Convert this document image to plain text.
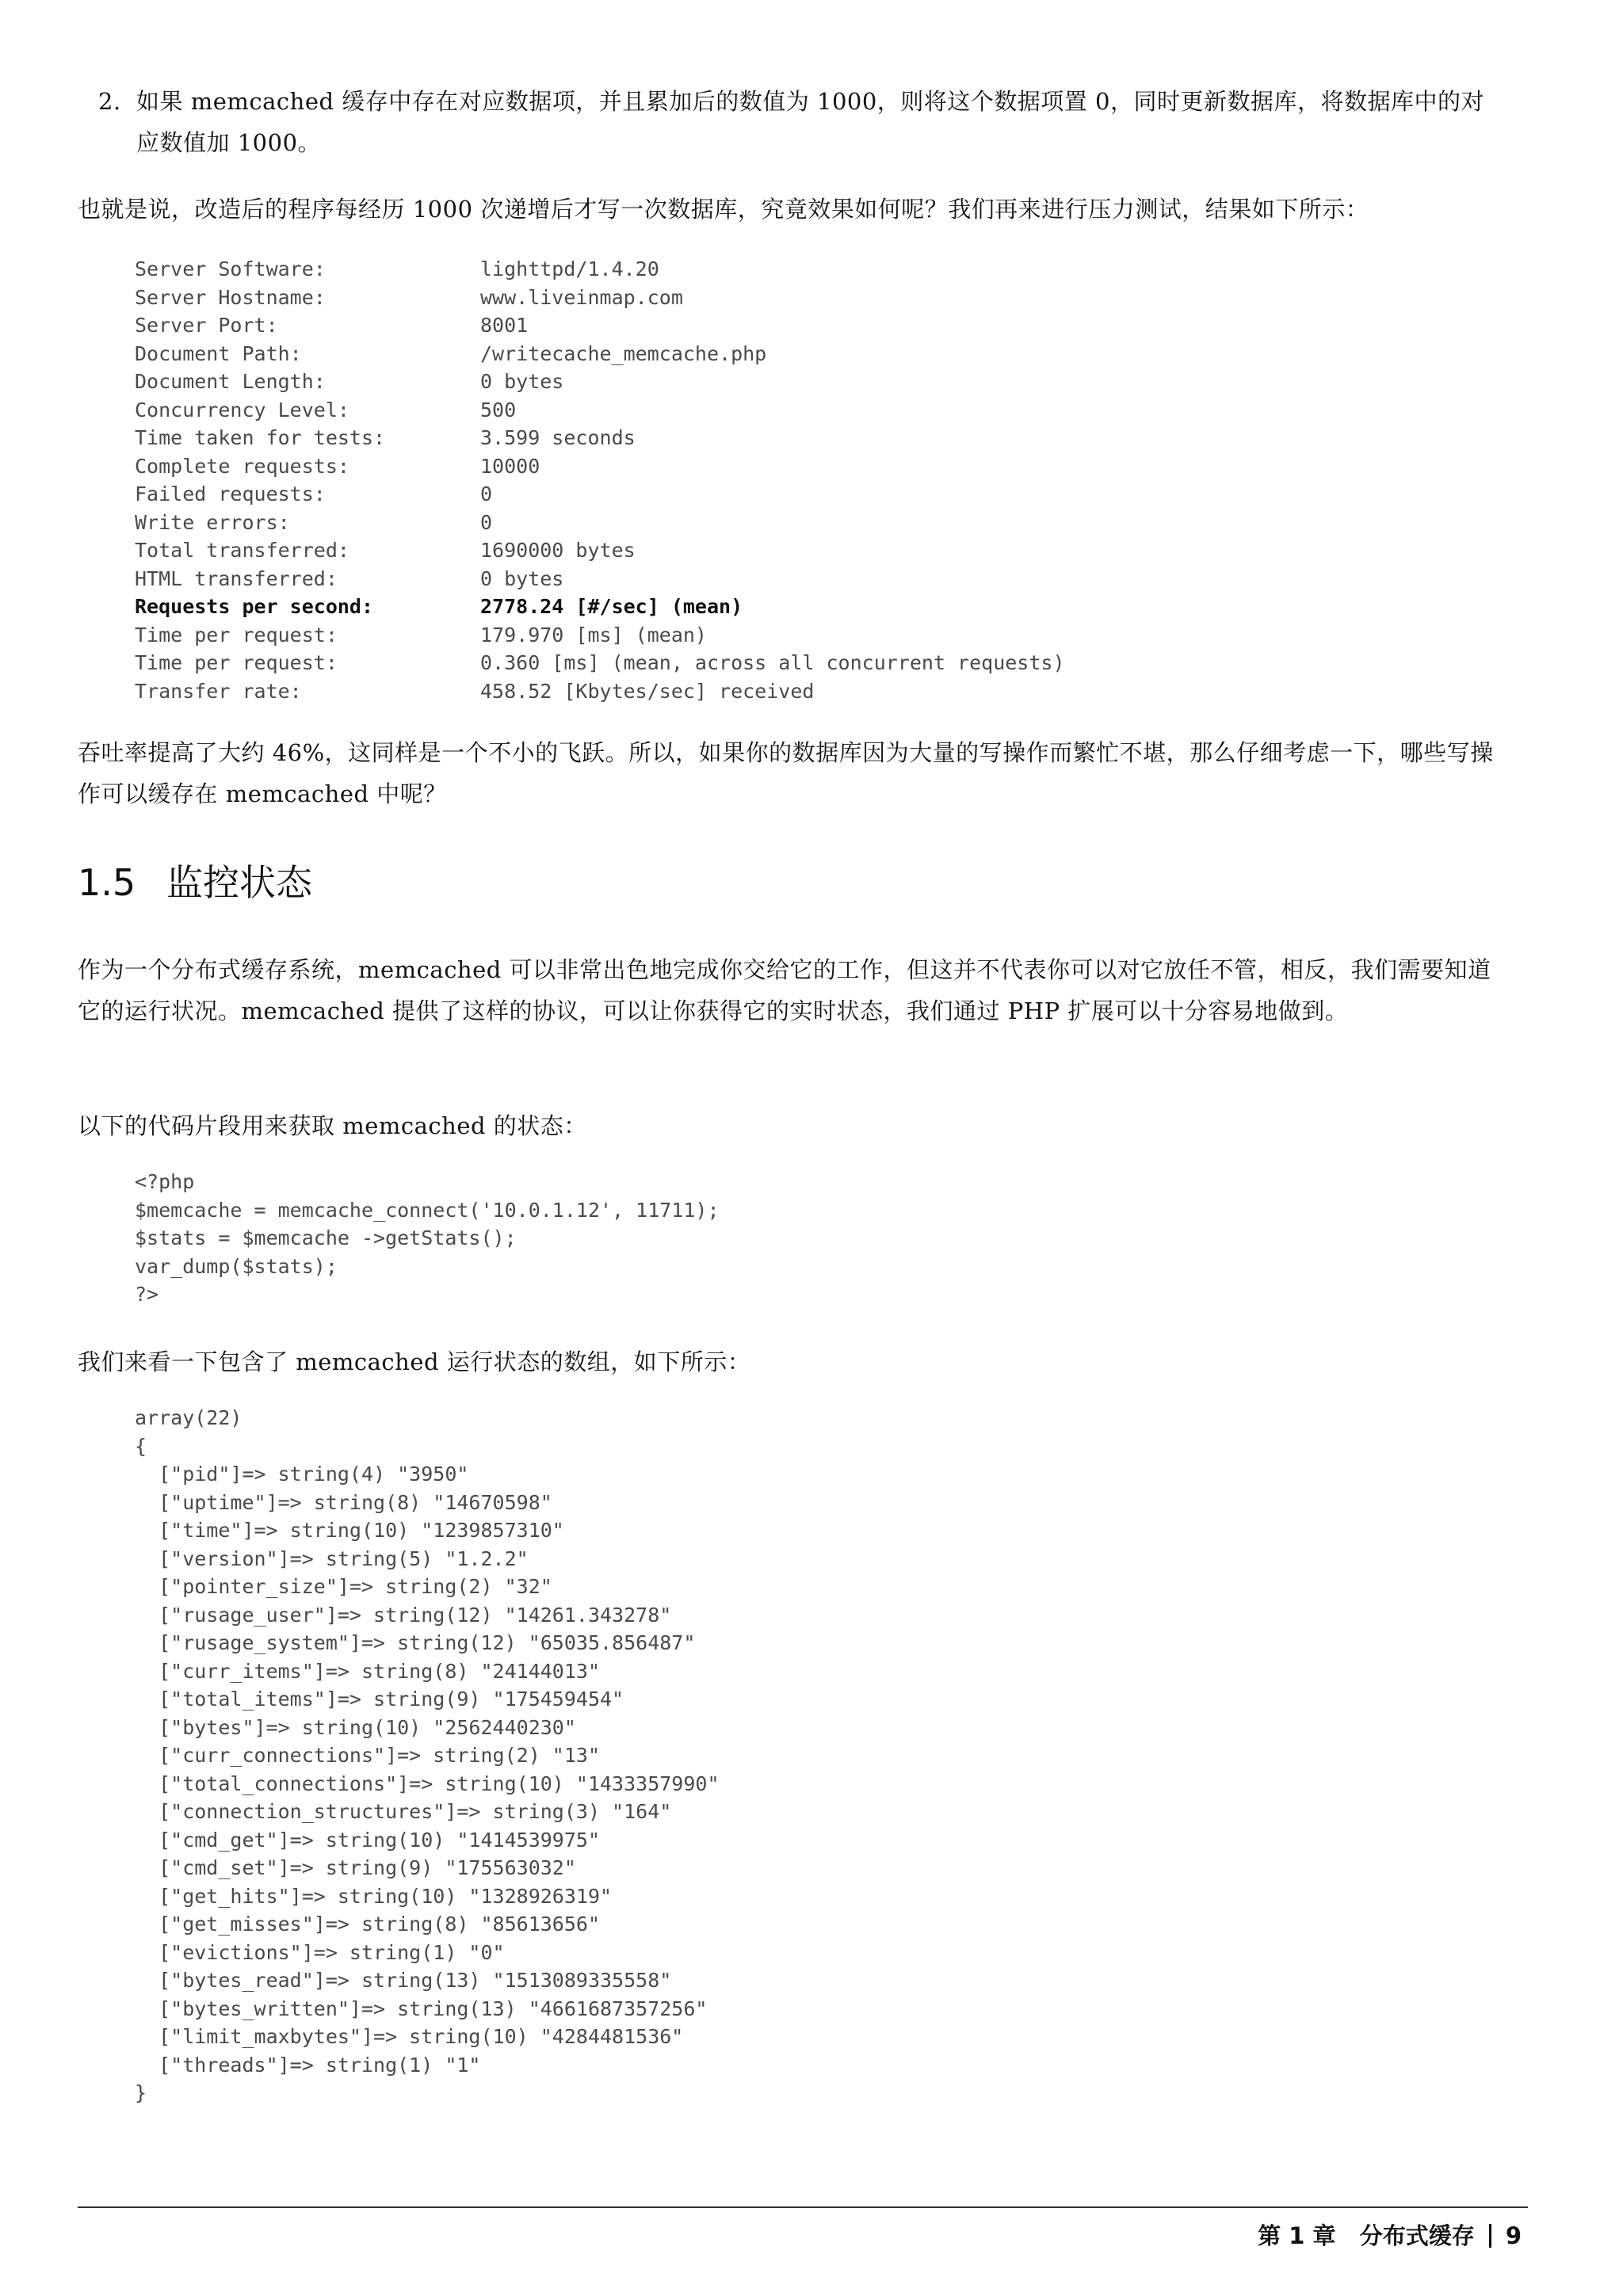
2. 如果 memcached 缓存中存在对应数据项，并且累加后的数值为 1000，则将这个数据项置 0，同时更新数据库，将数据库中的对应数值加 1000。
也就是说，改造后的程序每经历 1000 次递增后才写一次数据库，究竟效果如何呢？我们再来进行压力测试，结果如下所示：
Server Software:	lighttpd/1.4.20
Server Hostname:	www.liveinmap.com
Server Port:	8001
Document Path:	/writecache_memcache.php
Document Length:	0 bytes
Concurrency Level:	500
Time taken for tests:	3.599 seconds
Complete requests:	10000
Failed requests:	0
Write errors:	0
Total transferred:	1690000 bytes
HTML transferred:	0 bytes
Requests per second:	2778.24 [#/sec] (mean)
Time per request:	179.970 [ms] (mean)
Time per request:	0.360 [ms] (mean, across all concurrent requests)
Transfer rate:	458.52 [Kbytes/sec] received
吞吐率提高了大约 46%，这同样是一个不小的飞跃。所以，如果你的数据库因为大量的写操作而繁忙不堪，那么仔细考虑一下，哪些写操作可以缓存在 memcached 中呢？
1.5 监控状态
作为一个分布式缓存系统，memcached 可以非常出色地完成你交给它的工作，但这并不代表你可以对它放任不管，相反，我们需要知道它的运行状况。memcached 提供了这样的协议，可以让你获得它的实时状态，我们通过 PHP 扩展可以十分容易地做到。
以下的代码片段用来获取 memcached 的状态：
<?php
$memcache = memcache_connect('10.0.1.12', 11711);
$stats = $memcache ->getStats();
var_dump($stats);
?>
我们来看一下包含了 memcached 运行状态的数组，如下所示：
array(22)
{
["pid"]=> string(4) "3950"
["uptime"]=> string(8) "14670598"
["time"]=> string(10) "1239857310"
["version"]=> string(5) "1.2.2"
["pointer_size"]=> string(2) "32"
["rusage_user"]=> string(12) "14261.343278"
["rusage_system"]=> string(12) "65035.856487"
["curr_items"]=> string(8) "24144013"
["total_items"]=> string(9) "175459454"
["bytes"]=> string(10) "2562440230"
["curr_connections"]=> string(2) "13"
["total_connections"]=> string(10) "1433357990"
["connection_structures"]=> string(3) "164"
["cmd_get"]=> string(10) "1414539975"
["cmd_set"]=> string(9) "175563032"
["get_hits"]=> string(10) "1328926319"
["get_misses"]=> string(8) "85613656"
["evictions"]=> string(1) "0"
["bytes_read"]=> string(13) "1513089335558"
["bytes_written"]=> string(13) "4661687357256"
["limit_maxbytes"]=> string(10) "4284481536"
["threads"]=> string(1) "1"
}
第 1 章 分布式缓存 9
